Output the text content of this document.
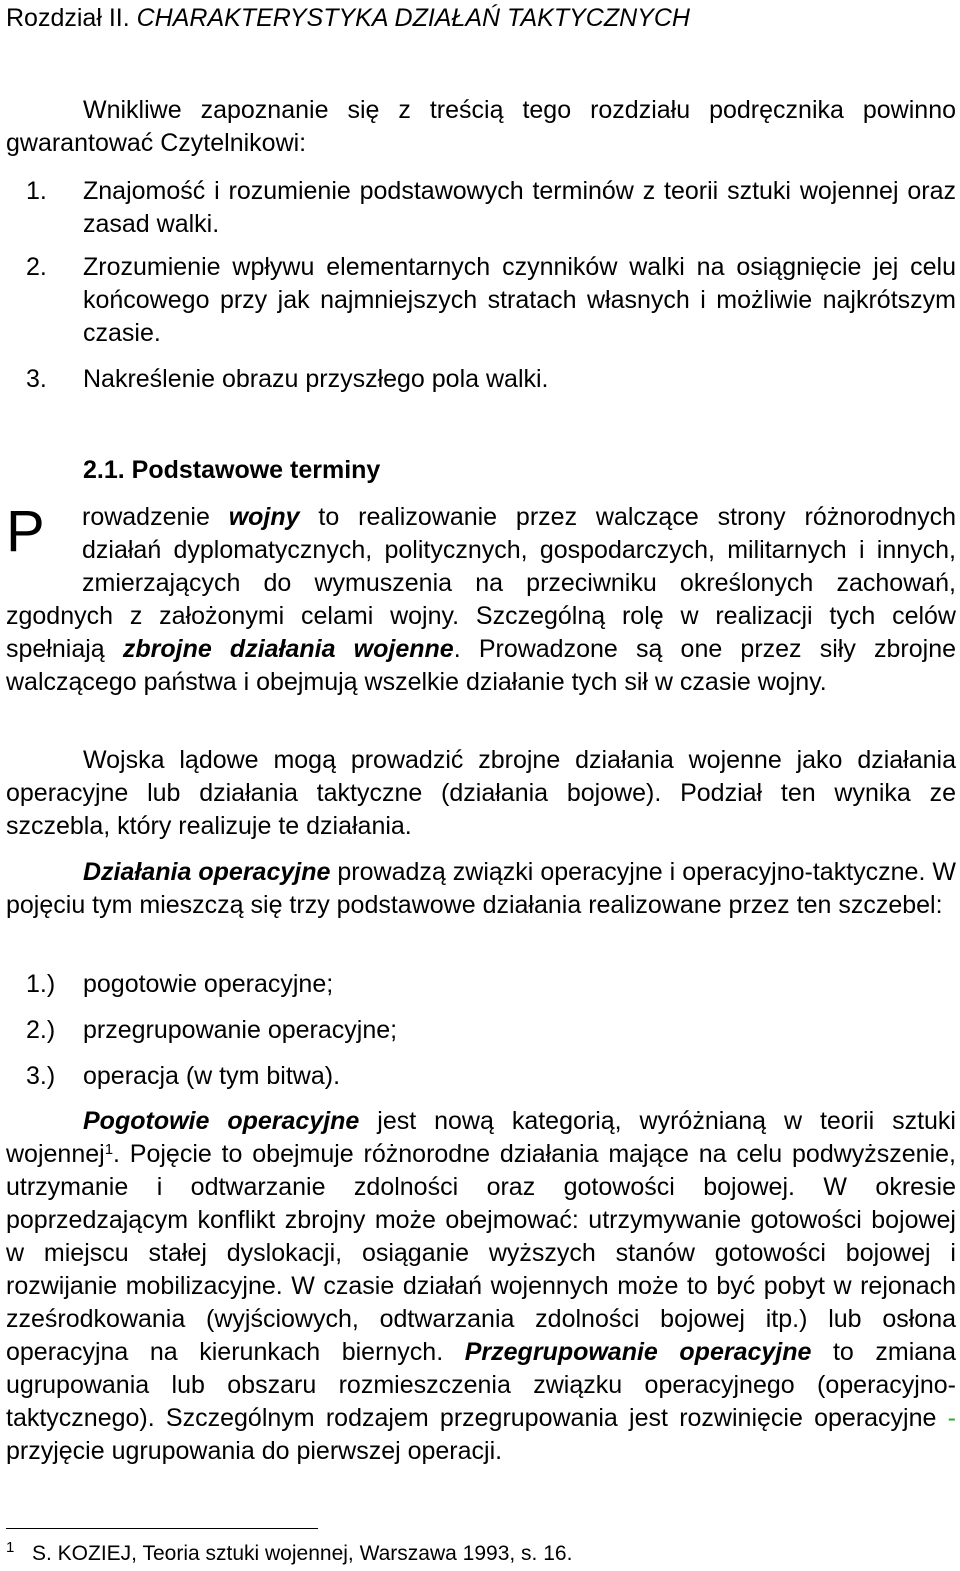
Rozdział II. CHARAKTERYSTYKA DZIAŁAŃ TAKTYCZNYCH

Wnikliwe zapoznanie się z treścią tego rozdziału podręcznika powinno gwarantować Czytelnikowi:

1. Znajomość i rozumienie podstawowych terminów z teorii sztuki wojennej oraz zasad walki.
2. Zrozumienie wpływu elementarnych czynników walki na osiągnięcie jej celu końcowego przy jak najmniejszych stratach własnych i możliwie najkrótszym czasie.
3. Nakreślenie obrazu przyszłego pola walki.
2.1. Podstawowe terminy
P	rowadzenie wojny to realizowanie przez walczące strony różnorodnych działań dyplomatycznych, politycznych, gospodarczych, militarnych i innych, zmierzających do wymuszenia na przeciwniku określonych zachowań, zgodnych z założonymi celami wojny. Szczególną rolę w realizacji tych celów spełniają zbrojne działania wojenne. Prowadzone są one przez siły zbrojne walczącego państwa i obejmują wszelkie działanie tych sił w czasie wojny.

Wojska lądowe mogą prowadzić zbrojne działania wojenne jako działania operacyjne lub działania taktyczne (działania bojowe). Podział ten wynika ze szczebla, który realizuje te działania.

Działania operacyjne prowadzą związki operacyjne i operacyjno-taktyczne. W pojęciu tym mieszczą się trzy podstawowe działania realizowane przez ten szczebel:

1.) pogotowie operacyjne;
2.) przegrupowanie operacyjne;
3.) operacja (w tym bitwa).

Pogotowie operacyjne jest nową kategorią, wyróżnianą w teorii sztuki wojennej$^1$. Pojęcie to obejmuje różnorodne działania mające na celu podwyższenie, utrzymanie i odtwarzanie zdolności oraz gotowości bojowej. W okresie poprzedzającym konflikt zbrojny może obejmować: utrzymywanie gotowości bojowej w miejscu stałej dyslokacji, osiąganie wyższych stanów gotowości bojowej i rozwijanie mobilizacyjne. W czasie działań wojennych może to być pobyt w rejonach zześrodkowania (wyjściowych, odtwarzania zdolności bojowej itp.) lub osłona operacyjna na kierunkach biernych. Przegrupowanie operacyjne to zmiana ugrupowania lub obszaru rozmieszczenia związku operacyjnego (operacyjno-taktycznego). Szczególnym rodzajem przegrupowania jest rozwinięcie operacyjne - przyjęcie ugrupowania do pierwszej operacji.

1 S. KOZIEJ, Teoria sztuki wojennej, Warszawa 1993, s. 16.
